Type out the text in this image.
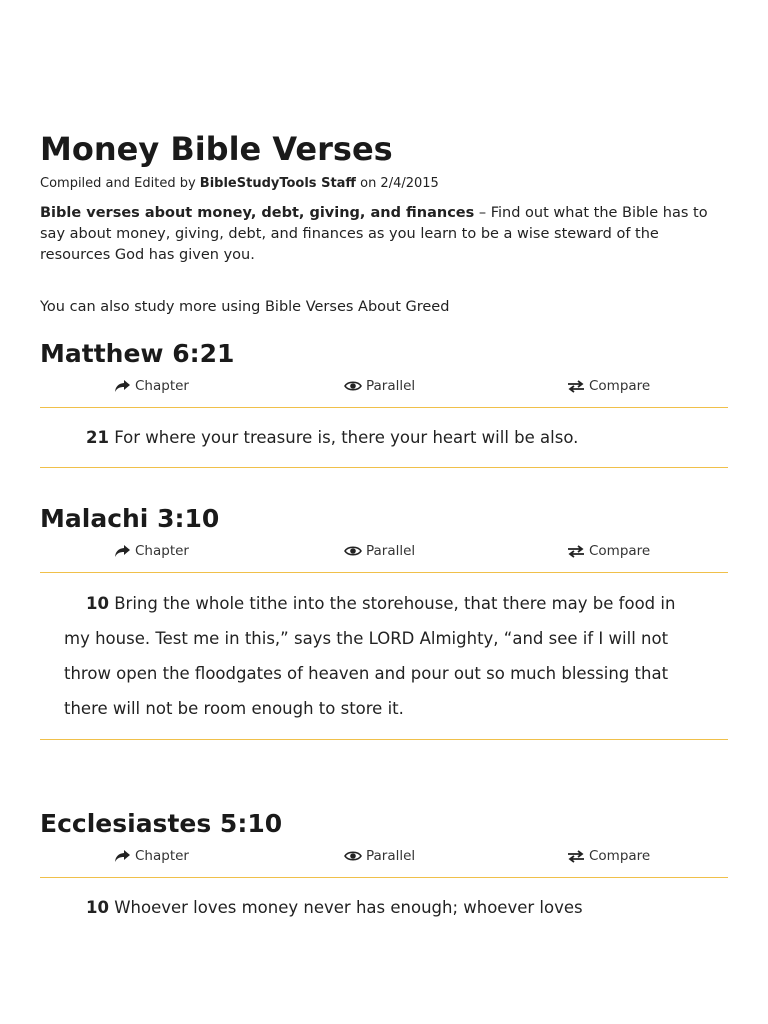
Money Bible Verses
Compiled and Edited by BibleStudyTools Staff on 2/4/2015

Bible verses about money, debt, giving, and finances – Find out what the Bible has to say about money, giving, debt, and finances as you learn to be a wise steward of the resources God has given you.

You can also study more using Bible Verses About Greed
Matthew 6:21
Chapter	Parallel	Compare
21 For where your treasure is, there your heart will be also.
Malachi 3:10
Chapter	Parallel	Compare
10 Bring the whole tithe into the storehouse, that there may be food in my house. Test me in this,” says the LORD Almighty, “and see if I will not throw open the floodgates of heaven and pour out so much blessing that there will not be room enough to store it.
Ecclesiastes 5:10
Chapter	Parallel	Compare
10 Whoever loves money never has enough; whoever loves
